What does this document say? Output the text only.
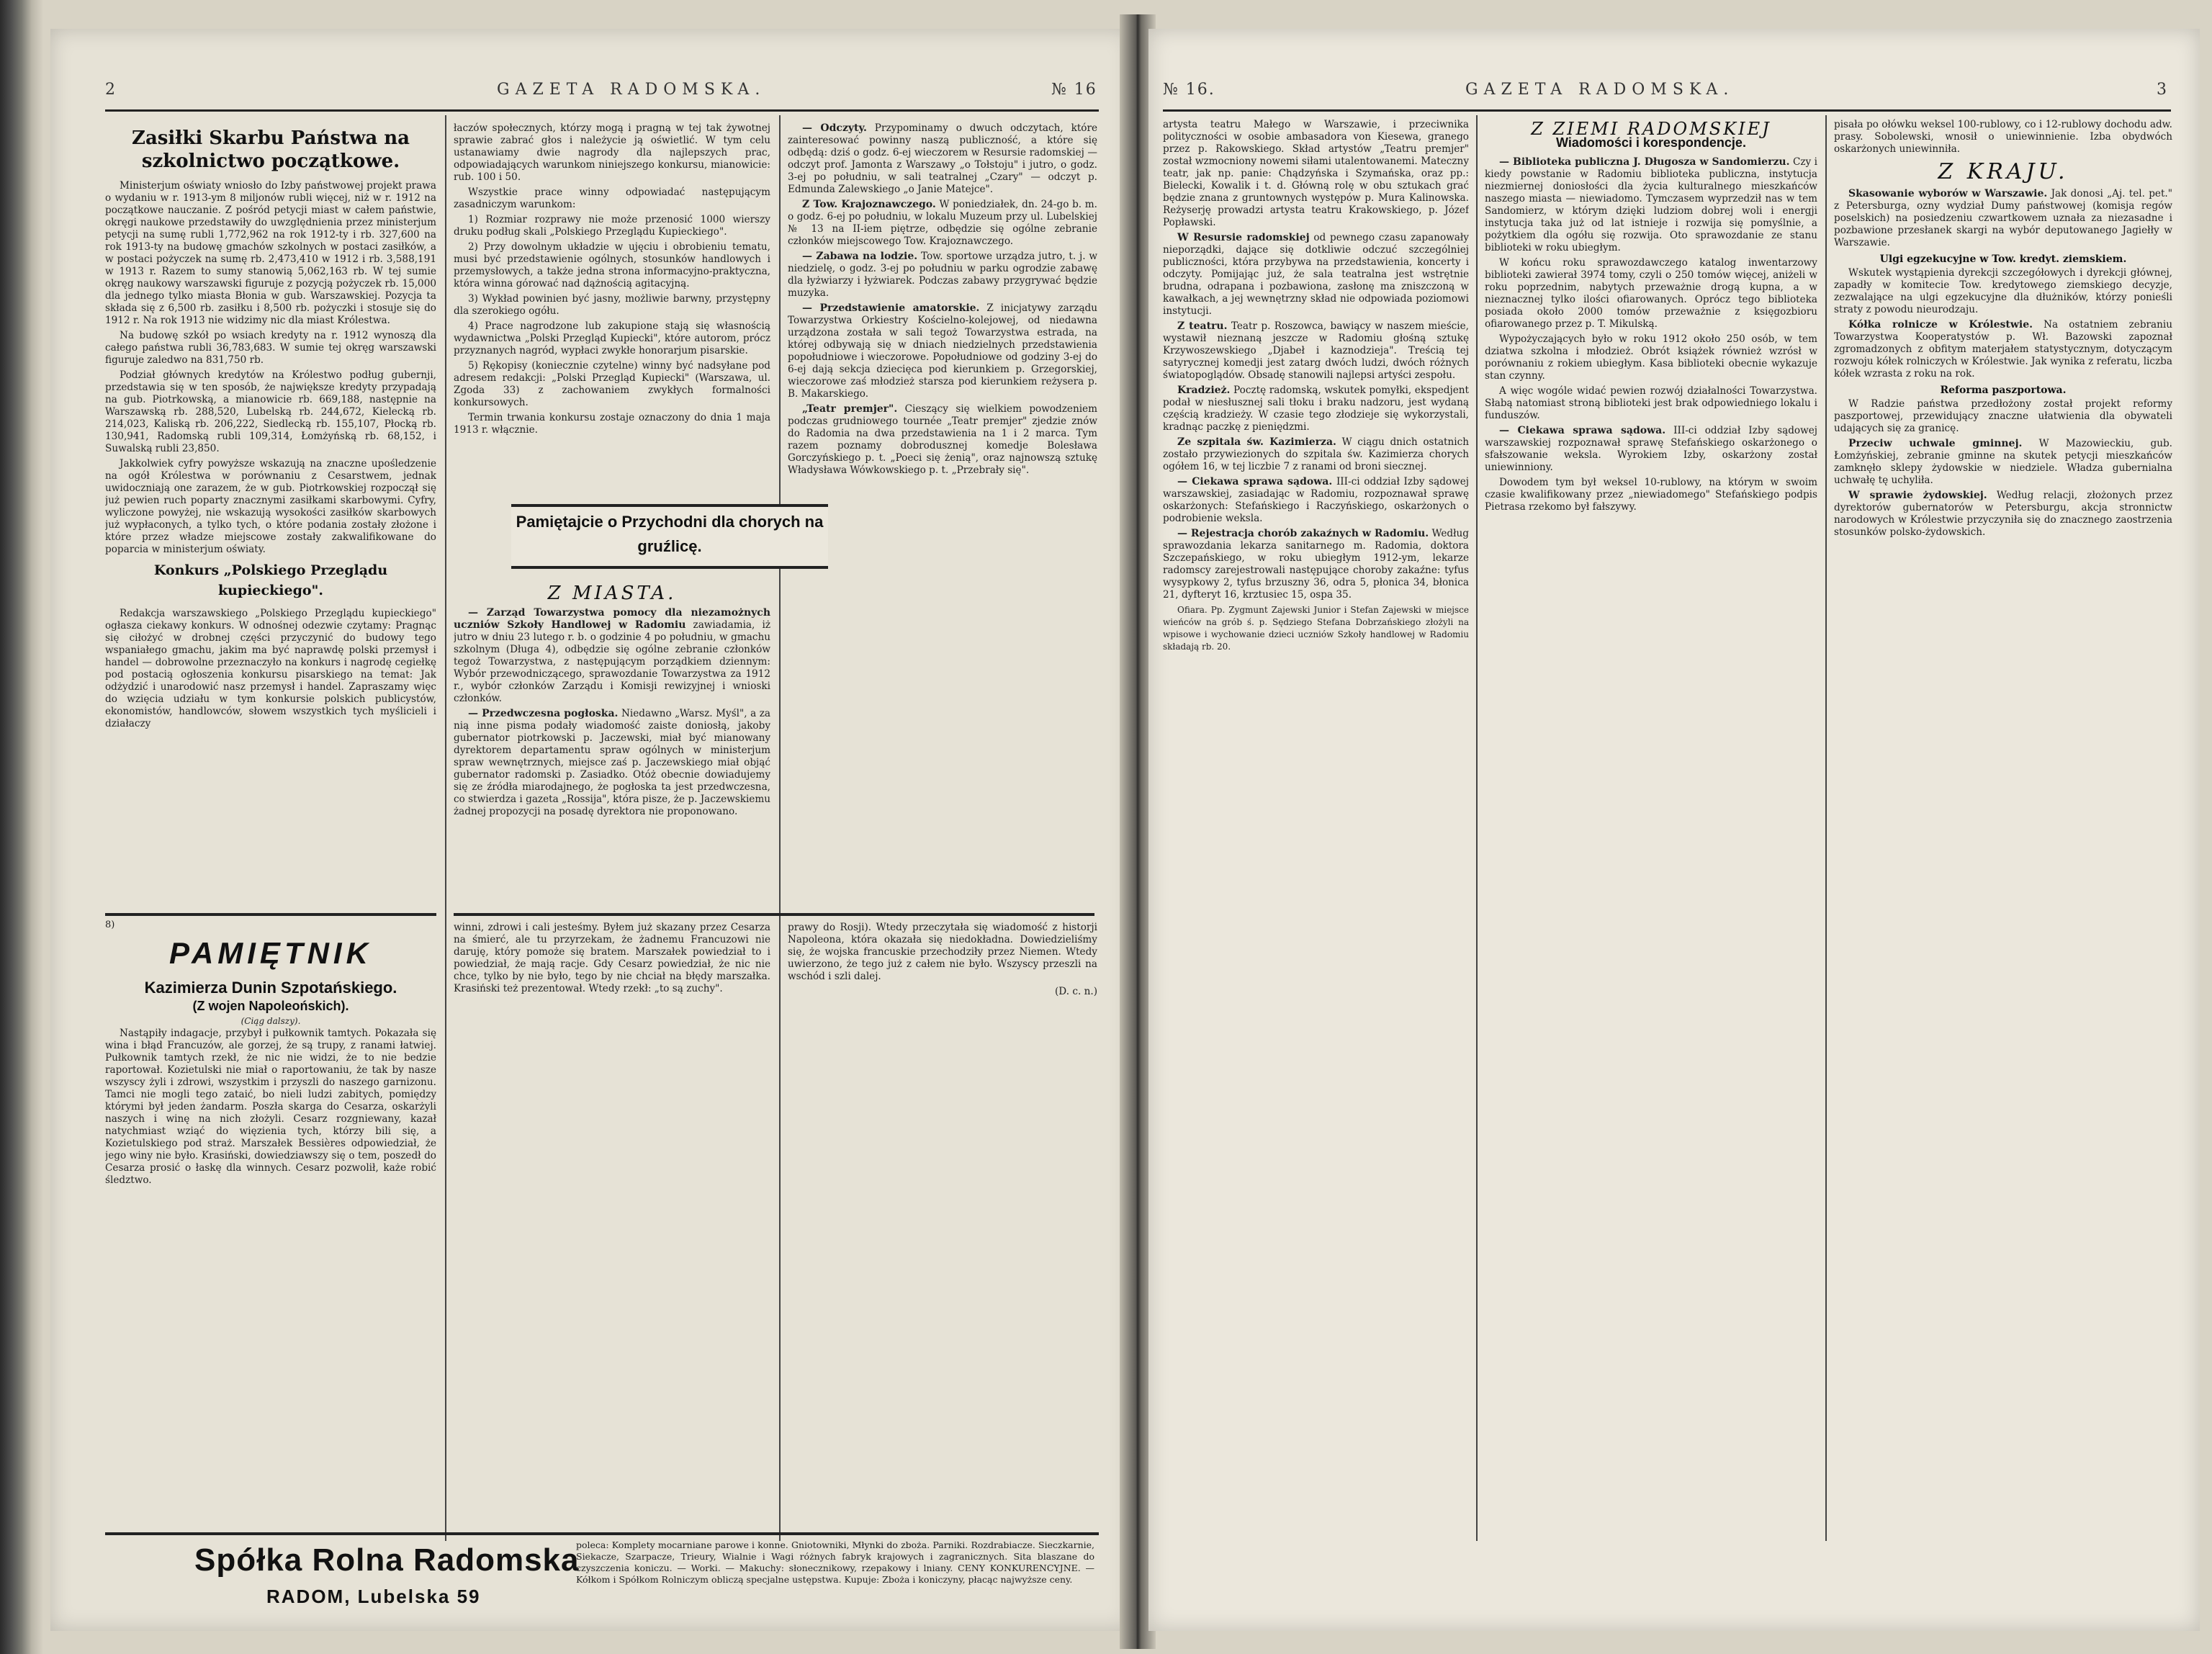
2	GAZETA RADOMSKA.	№ 16
Zasiłki Skarbu Państwa na szkolnictwo początkowe.

Ministerjum oświaty wniosło do Izby państwowej projekt prawa o wydaniu w r. 1913-ym 8 miljonów rubli więcej, niż w r. 1912 na początkowe nauczanie. Z pośród petycji miast w całem państwie, okręgi naukowe przedstawiły do uwzględnienia przez ministerjum petycji na sumę rubli 1,772,962 na rok 1912-ty i rb. 327,600 na rok 1913-ty na budowę gmachów szkolnych w postaci zasiłków, a w postaci pożyczek na sumę rb. 2,473,410 w 1912 i rb. 3,588,191 w 1913 r. Razem to sumy stanowią 5,062,163 rb. W tej sumie okręg naukowy warszawski figuruje z pozycją pożyczek rb. 15,000 dla jednego tylko miasta Błonia w gub. Warszawskiej. Pozycja ta składa się z 6,500 rb. zasiłku i 8,500 rb. pożyczki i stosuje się do 1912 r. Na rok 1913 nie widzimy nic dla miast Królestwa.

Na budowę szkół po wsiach kredyty na r. 1912 wynoszą dla całego państwa rubli 36,783,683. W sumie tej okręg warszawski figuruje zaledwo na 831,750 rb.

Podział głównych kredytów na Królestwo podług gubernji, przedstawia się w ten sposób, że największe kredyty przypadają na gub. Piotrkowską, a mianowicie rb. 669,188, następnie na Warszawską rb. 288,520, Lubelską rb. 244,672, Kielecką rb. 214,023, Kaliską rb. 206,222, Siedlecką rb. 155,107, Płocką rb. 130,941, Radomską rubli 109,314, Łomżyńską rb. 68,152, i Suwalską rubli 23,850.

Jakkolwiek cyfry powyższe wskazują na znaczne upośledzenie na ogół Królestwa w porównaniu z Cesarstwem, jednak uwidoczniają one zarazem, że w gub. Piotrkowskiej rozpoczął się już pewien ruch poparty znacznymi zasiłkami skarbowymi. Cyfry, wyliczone powyżej, nie wskazują wysokości zasiłków skarbowych już wypłaconych, a tylko tych, o które podania zostały złożone i które przez władze miejscowe zostały zakwalifikowane do poparcia w ministerjum oświaty.

Konkurs „Polskiego Przeglądu kupieckiego".

Redakcja warszawskiego „Polskiego Przeglądu kupieckiego" ogłasza ciekawy konkurs. W odnośnej odezwie czytamy: Pragnąc się ciłożyć w drobnej części przyczynić do budowy tego wspaniałego gmachu, jakim ma być naprawdę polski przemysł i handel — dobrowolne przeznaczyło na konkurs i nagrodę cegiełkę pod postacią ogłoszenia konkursu pisarskiego na temat: Jak odżydzić i unarodowić nasz przemysł i handel. Zapraszamy więc do wzięcia udziału w tym konkursie polskich publicystów, ekonomistów, handlowców, słowem wszystkich tych myślicieli i działaczy

8)
PAMIĘTNIK
Kazimierza Dunin Szpotańskiego.
(Z wojen Napoleońskich).
(Ciąg dalszy).

Nastąpiły indagacje, przybył i pułkownik tamtych. Pokazała się wina i błąd Francuzów, ale gorzej, że są trupy, z ranami łatwiej. Pułkownik tamtych rzekł, że nic nie widzi, że to nie bedzie raportował. Kozietulski nie miał o raportowaniu, że tak by nasze wszyscy żyli i zdrowi, wszystkim i przyszli do naszego garnizonu. Tamci nie mogli tego zataić, bo nieli ludzi zabitych, pomiędzy którymi był jeden żandarm. Poszła skarga do Cesarza, oskarżyli naszych i winę na nich złożyli. Cesarz rozgniewany, kazał natychmiast wziąć do więzienia tych, którzy bili się, a Kozietulskiego pod straż. Marszałek Bessières odpowiedział, że jego winy nie było. Krasiński, dowiedziawszy się o tem, poszedł do Cesarza prosić o łaskę dla winnych. Cesarz pozwolił, każe robić śledztwo.

łaczów społecznych, którzy mogą i pragną w tej tak żywotnej sprawie zabrać głos i należycie ją oświetlić. W tym celu ustanawiamy dwie nagrody dla najlepszych prac, odpowiadających warunkom niniejszego konkursu, mianowicie: rub. 100 i 50.

Wszystkie prace winny odpowiadać następującym zasadniczym warunkom:

1) Rozmiar rozprawy nie może przenosić 1000 wierszy druku podług skali „Polskiego Przeglądu Kupieckiego".

2) Przy dowolnym układzie w ujęciu i obrobieniu tematu, musi być przedstawienie ogólnych, stosunków handlowych i przemysłowych, a także jedna strona informacyjno-praktyczna, która winna górować nad dążnością agitacyjną.

3) Wykład powinien być jasny, możliwie barwny, przystępny dla szerokiego ogółu.

4) Prace nagrodzone lub zakupione stają się własnością wydawnictwa „Polski Przegląd Kupiecki", które autorom, prócz przyznanych nagród, wypłaci zwykłe honorarjum pisarskie.

5) Rękopisy (koniecznie czytelne) winny być nadsyłane pod adresem redakcji: „Polski Przegląd Kupiecki" (Warszawa, ul. Zgoda 33) z zachowaniem zwykłych formalności konkursowych.

Termin trwania konkursu zostaje oznaczony do dnia 1 maja 1913 r. włącznie.

Pamiętajcie o Przychodni dla chorych na gruźlicę.
Z MIASTA.

— Zarząd Towarzystwa pomocy dla niezamożnych uczniów Szkoły Handlowej w Radomiu zawiadamia, iż jutro w dniu 23 lutego r. b. o godzinie 4 po południu, w gmachu szkolnym (Długa 4), odbędzie się ogólne zebranie członków tegoż Towarzystwa, z następującym porządkiem dziennym: Wybór przewodniczącego, sprawozdanie Towarzystwa za 1912 r., wybór członków Zarządu i Komisji rewizyjnej i wnioski członków.

— Przedwczesna pogłoska. Niedawno „Warsz. Myśl", a za nią inne pisma podały wiadomość zaiste doniosłą, jakoby gubernator piotrkowski p. Jaczewski, miał być mianowany dyrektorem departamentu spraw ogólnych w ministerjum spraw wewnętrznych, miejsce zaś p. Jaczewskiego miał objąć gubernator radomski p. Zasiadko. Otóż obecnie dowiadujemy się ze źródła miarodajnego, że pogłoska ta jest przedwczesna, co stwierdza i gazeta „Rossija", która pisze, że p. Jaczewskiemu żadnej propozycji na posadę dyrektora nie proponowano.

winni, zdrowi i cali jesteśmy. Byłem już skazany przez Cesarza na śmierć, ale tu przyrzekam, że żadnemu Francuzowi nie daruję, który pomoże się bratem. Marszałek powiedział to i powiedział, że mają racje. Gdy Cesarz powiedział, że nic nie chce, tylko by nie było, tego by nie chciał na błędy marszałka. Krasiński też prezentował. Wtedy rzekł: „to są zuchy".

— Odczyty. Przypominamy o dwuch odczytach, które zainteresować powinny naszą publiczność, a które się odbędą: dziś o godz. 6-ej wieczorem w Resursie radomskiej — odczyt prof. Jamonta z Warszawy „o Tołstoju" i jutro, o godz. 3-ej po południu, w sali teatralnej „Czary" — odczyt p. Edmunda Zalewskiego „o Janie Matejce".

Z Tow. Krajoznawczego. W poniedziałek, dn. 24-go b. m. o godz. 6-ej po południu, w lokalu Muzeum przy ul. Lubelskiej № 13 na II-iem piętrze, odbędzie się ogólne zebranie członków miejscowego Tow. Krajoznawczego.

— Zabawa na lodzie. Tow. sportowe urządza jutro, t. j. w niedzielę, o godz. 3-ej po południu w parku ogrodzie zabawę dla łyżwiarzy i łyżwiarek. Podczas zabawy przygrywać będzie muzyka.

— Przedstawienie amatorskie. Z inicjatywy zarządu Towarzystwa Orkiestry Kościelno-kolejowej, od niedawna urządzona została w sali tegoż Towarzystwa estrada, na której odbywają się w dniach niedzielnych przedstawienia popołudniowe i wieczorowe. Popołudniowe od godziny 3-ej do 6-ej dają sekcja dziecięca pod kierunkiem p. Grzegorskiej, wieczorowe zaś młodzież starsza pod kierunkiem reżysera p. B. Makarskiego.

„Teatr premjer". Cieszący się wielkiem powodzeniem podczas grudniowego tournée „Teatr premjer" zjedzie znów do Radomia na dwa przedstawienia na 1 i 2 marca. Tym razem poznamy dobrodusznej komedje Bolesława Gorczyńskiego p. t. „Poeci się żenią", oraz najnowszą sztukę Władysława Wówkowskiego p. t. „Przebrały się".

prawy do Rosji). Wtedy przeczytała się wiadomość z historji Napoleona, która okazała się niedokładna. Dowiedzieliśmy się, że wojska francuskie przechodziły przez Niemen. Wtedy uwierzono, że tego już z całem nie było. Wszyscy przeszli na wschód i szli dalej.

(D. c. n.)
Spółka Rolna Radomska
RADOM, Lubelska 59
poleca: Komplety mocarniane parowe i konne. Gniotowniki, Młynki do zboża. Parniki. Rozdrabiacze. Sieczkarnie, Siekacze, Szarpacze, Trieury, Wialnie i Wagi różnych fabryk krajowych i zagranicznych. Sita blaszane do czyszczenia koniczu. — Worki. — Makuchy: słonecznikowy, rzepakowy i lniany. CENY KONKURENCYJNE. — Kółkom i Spółkom Rolniczym obliczą specjalne ustępstwa. Kupuje: Zboża i koniczyny, płacąc najwyższe ceny.
№ 16.	GAZETA RADOMSKA.	3

artysta teatru Małego w Warszawie, i przeciwnika polityczności w osobie ambasadora von Kiesewa, granego przez p. Rakowskiego. Skład artystów „Teatru premjer" został wzmocniony nowemi siłami utalentowanemi. Mateczny teatr, jak np. panie: Chądzyńska i Szymańska, oraz pp.: Bielecki, Kowalik i t. d. Główną rolę w obu sztukach grać będzie znana z gruntownych występów p. Mura Kalinowska. Reżyserję prowadzi artysta teatru Krakowskiego, p. Józef Popławski.

W Resursie radomskiej od pewnego czasu zapanowały nieporządki, dające się dotkliwie odczuć szczególniej publiczności, która przybywa na przedstawienia, koncerty i odczyty. Pomijając już, że sala teatralna jest wstrętnie brudna, odrapana i pozbawiona, zasłonę ma zniszczoną w kawałkach, a jej wewnętrzny skład nie odpowiada poziomowi instytucji.

Z teatru. Teatr p. Roszowca, bawiący w naszem mieście, wystawił nieznaną jeszcze w Radomiu głośną sztukę Krzywoszewskiego „Djabeł i kaznodzieja". Treścią tej satyrycznej komedji jest zatarg dwóch ludzi, dwóch różnych światopoglądów. Obsadę stanowili najlepsi artyści zespołu.

Kradzież. Pocztę radomską, wskutek pomyłki, ekspedjent podał w niesłusznej sali tłoku i braku nadzoru, jest wydaną częścią kradzieży. W czasie tego złodzieje się wykorzystali, kradnąc paczkę z pieniędzmi.

Ze szpitala św. Kazimierza. W ciągu dnich ostatnich zostało przywiezionych do szpitala św. Kazimierza chorych ogółem 16, w tej liczbie 7 z ranami od broni siecznej.

— Ciekawa sprawa sądowa. III-ci oddział Izby sądowej warszawskiej, zasiadając w Radomiu, rozpoznawał sprawę oskarżonych: Stefańskiego i Raczyńskiego, oskarżonych o podrobienie weksla.

— Rejestracja chorób zakaźnych w Radomiu. Według sprawozdania lekarza sanitarnego m. Radomia, doktora Szczepańskiego, w roku ubiegłym 1912-ym, lekarze radomscy zarejestrowali następujące choroby zakaźne: tyfus wysypkowy 2, tyfus brzuszny 36, odra 5, płonica 34, błonica 21, dyfteryt 16, krztusiec 15, ospa 35.

Ofiara. Pp. Zygmunt Zajewski Junior i Stefan Zajewski w miejsce wieńców na grób ś. p. Sędziego Stefana Dobrzańskiego złożyli na wpisowe i wychowanie dzieci uczniów Szkoły handlowej w Radomiu składają rb. 20.

Z ZIEMI RADOMSKIEJ
Wiadomości i korespondencje.

— Biblioteka publiczna J. Długosza w Sandomierzu. Czy i kiedy powstanie w Radomiu biblioteka publiczna, instytucja niezmiernej doniosłości dla życia kulturalnego mieszkańców naszego miasta — niewiadomo. Tymczasem wyprzedził nas w tem Sandomierz, w którym dzięki ludziom dobrej woli i energji instytucja taka już od lat istnieje i rozwija się pomyślnie, a pożytkiem dla ogółu się rozwija. Oto sprawozdanie ze stanu biblioteki w roku ubiegłym.

W końcu roku sprawozdawczego katalog inwentarzowy biblioteki zawierał 3974 tomy, czyli o 250 tomów więcej, aniżeli w roku poprzednim, nabytych przeważnie drogą kupna, a w nieznacznej tylko ilości ofiarowanych. Oprócz tego biblioteka posiada około 2000 tomów przeważnie z księgozbioru ofiarowanego przez p. T. Mikulską.

Wypożyczających było w roku 1912 około 250 osób, w tem dziatwa szkolna i młodzież. Obrót książek również wzrósł w porównaniu z rokiem ubiegłym. Kasa biblioteki obecnie wykazuje stan czynny.

A więc wogóle widać pewien rozwój działalności Towarzystwa. Słabą natomiast stroną biblioteki jest brak odpowiedniego lokalu i funduszów.

— Ciekawa sprawa sądowa. III-ci oddział Izby sądowej warszawskiej rozpoznawał sprawę Stefańskiego oskarżonego o sfałszowanie weksla. Wyrokiem Izby, oskarżony został uniewinniony.

Dowodem tym był weksel 10-rublowy, na którym w swoim czasie kwalifikowany przez „niewiadomego" Stefańskiego podpis Pietrasa rzekomo był fałszywy.

pisała po ołówku weksel 100-rublowy, co i 12-rublowy dochodu adw. prasy. Sobolewski, wnosił o uniewinnienie. Izba obydwóch oskarżonych uniewinniła.

Z KRAJU.

Skasowanie wyborów w Warszawie. Jak donosi „Aj. tel. pet." z Petersburga, ozny wydział Dumy państwowej (komisja regów poselskich) na posiedzeniu czwartkowem uznała za niezasadne i pozbawione przesłanek skargi na wybór deputowanego Jagiełły w Warszawie.

Ulgi egzekucyjne w Tow. kredyt. ziemskiem.

Wskutek wystąpienia dyrekcji szczegółowych i dyrekcji głównej, zapadły w komitecie Tow. kredytowego ziemskiego decyzje, zezwalające na ulgi egzekucyjne dla dłużników, którzy ponieśli straty z powodu nieurodzaju.

Kółka rolnicze w Królestwie. Na ostatniem zebraniu Towarzystwa Kooperatystów p. Wł. Bazowski zapoznał zgromadzonych z obfitym materjałem statystycznym, dotyczącym rozwoju kółek rolniczych w Królestwie. Jak wynika z referatu, liczba kółek wzrasta z roku na rok.

Reforma paszportowa.

W Radzie państwa przedłożony został projekt reformy paszportowej, przewidujący znaczne ułatwienia dla obywateli udających się za granicę.

Przeciw uchwale gminnej. W Mazowieckiu, gub. Łomżyńskiej, zebranie gminne na skutek petycji mieszkańców zamknęło sklepy żydowskie w niedziele. Władza gubernialna uchwałę tę uchyliła.

W sprawie żydowskiej. Według relacji, złożonych przez dyrektorów gubernatorów w Petersburgu, akcja stronnictw narodowych w Królestwie przyczyniła się do znacznego zaostrzenia stosunków polsko-żydowskich.
